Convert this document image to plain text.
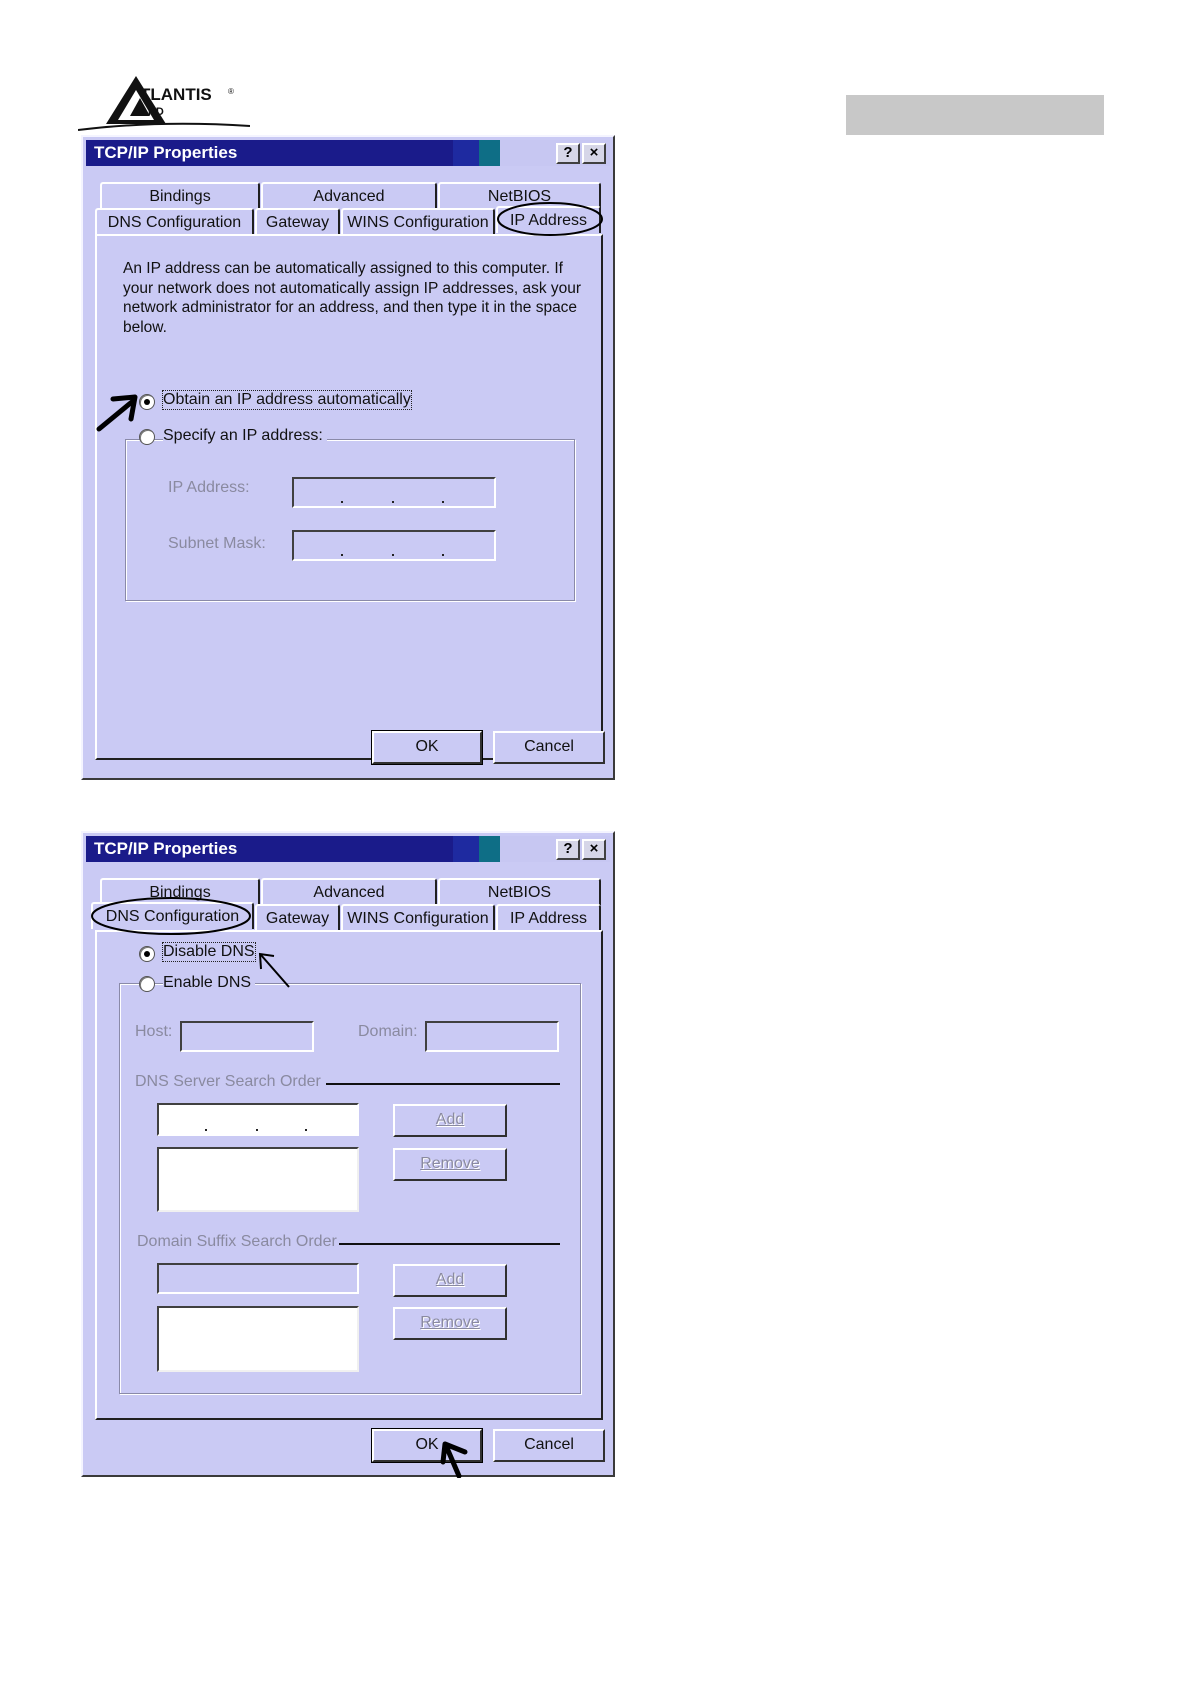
TLANTIS ®
AND
TCP/IP Properties	?	×
Bindings	Advanced	NetBIOS
DNS Configuration	Gateway	WINS Configuration	IP Address
An IP address can be automatically assigned to this computer. If your network does not automatically assign IP addresses, ask your network administrator for an address, and then type it in the space below.
Obtain an IP address automatically
Specify an IP address:
IP Address:
Subnet Mask:
OK	Cancel
TCP/IP Properties	?	×
Bindings	Advanced	NetBIOS
DNS Configuration	Gateway	WINS Configuration	IP Address
Disable DNS
Enable DNS
Host:	Domain:
DNS Server Search Order
Add
Remove
Domain Suffix Search Order
Add
Remove
OK	Cancel
